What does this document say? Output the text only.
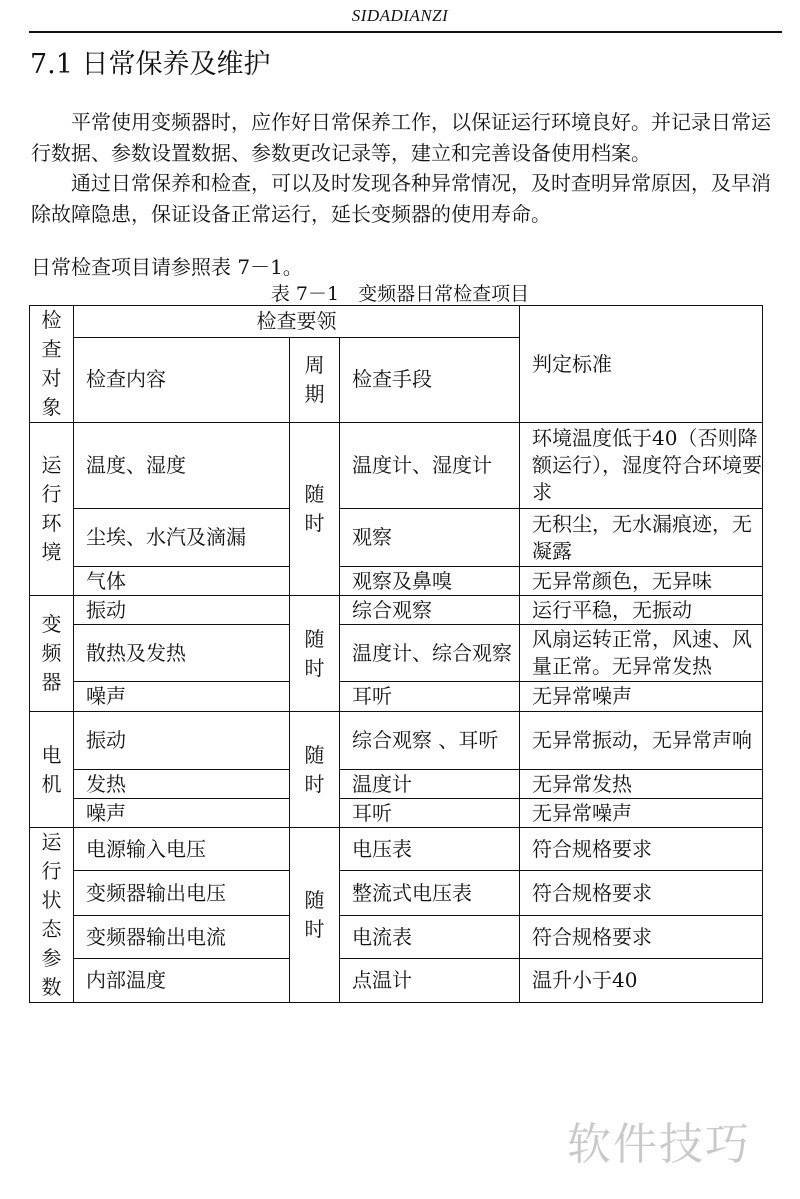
SIDADIANZI
7.1 日常保养及维护

平常使用变频器时，应作好日常保养工作，以保证运行环境良好。并记录日常运行数据、参数设置数据、参数更改记录等，建立和完善设备使用档案。

通过日常保养和检查，可以及时发现各种异常情况，及时查明异常原因，及早消除故障隐患，保证设备正常运行，延长变频器的使用寿命。

日常检查项目请参照表 7－1。
表 7－1　变频器日常检查项目
检查对象	检查要领			判定标准
	检查内容	周期	检查手段	
运行环境	温度、湿度	随时	温度计、湿度计	环境温度低于40（否则降额运行），湿度符合环境要求
	尘埃、水汽及滴漏		观察	无积尘，无水漏痕迹，无凝露
	气体		观察及鼻嗅	无异常颜色，无异味
变频器	振动	随时	综合观察	运行平稳，无振动
	散热及发热		温度计、综合观察	风扇运转正常，风速、风量正常。无异常发热
	噪声		耳听	无异常噪声
电机	振动	随时	综合观察 、耳听	无异常振动，无异常声响
	发热		温度计	无异常发热
	噪声		耳听	无异常噪声
运行状态参数	电源输入电压	随时	电压表	符合规格要求
	变频器输出电压		整流式电压表	符合规格要求
	变频器输出电流		电流表	符合规格要求
	内部温度		点温计	温升小于40
软件技巧
